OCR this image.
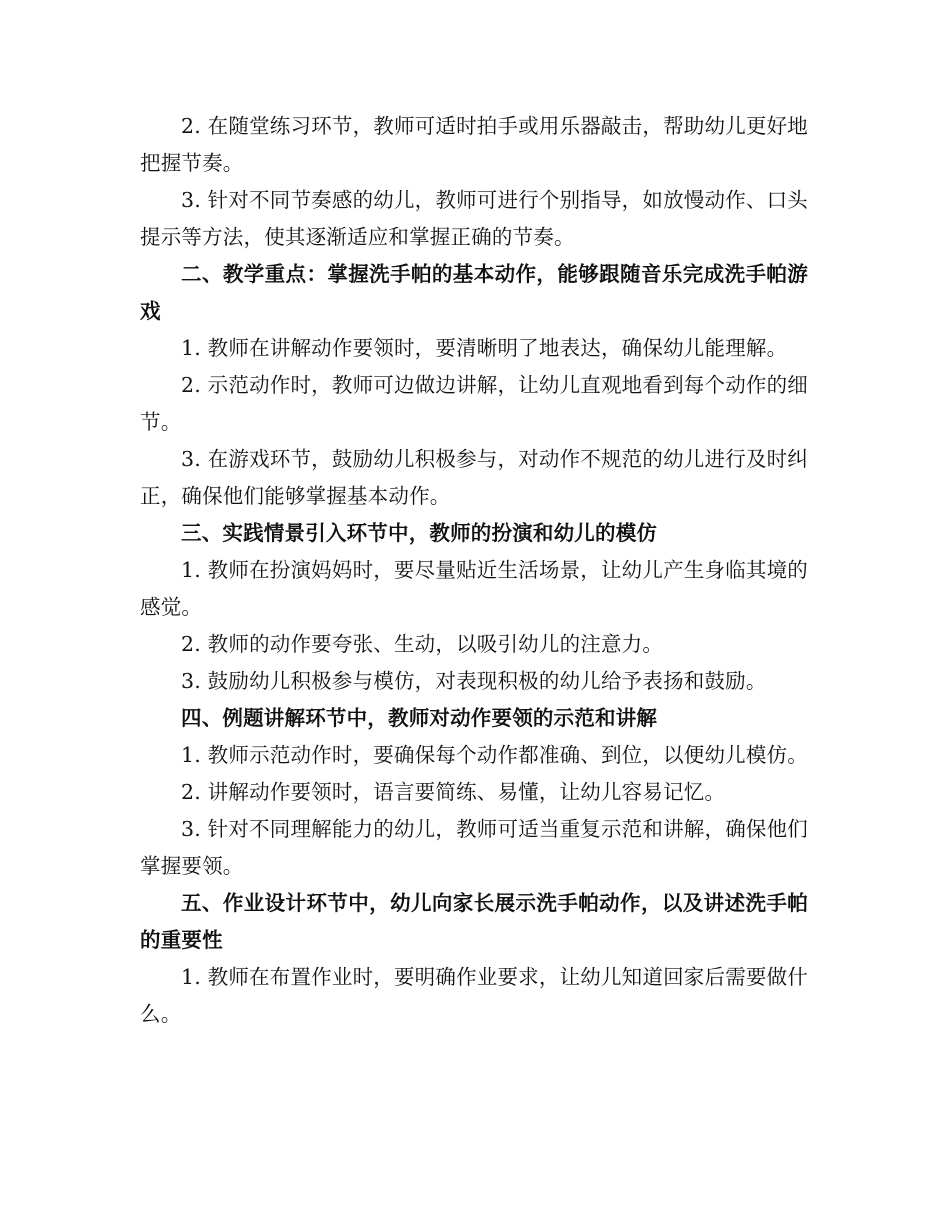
2. 在随堂练习环节，教师可适时拍手或用乐器敲击，帮助幼儿更好地把握节奏。

3. 针对不同节奏感的幼儿，教师可进行个别指导，如放慢动作、口头提示等方法，使其逐渐适应和掌握正确的节奏。

二、教学重点：掌握洗手帕的基本动作，能够跟随音乐完成洗手帕游戏

1. 教师在讲解动作要领时，要清晰明了地表达，确保幼儿能理解。

2. 示范动作时，教师可边做边讲解，让幼儿直观地看到每个动作的细节。

3. 在游戏环节，鼓励幼儿积极参与，对动作不规范的幼儿进行及时纠正，确保他们能够掌握基本动作。

三、实践情景引入环节中，教师的扮演和幼儿的模仿

1. 教师在扮演妈妈时，要尽量贴近生活场景，让幼儿产生身临其境的感觉。

2. 教师的动作要夸张、生动，以吸引幼儿的注意力。

3. 鼓励幼儿积极参与模仿，对表现积极的幼儿给予表扬和鼓励。

四、例题讲解环节中，教师对动作要领的示范和讲解

1. 教师示范动作时，要确保每个动作都准确、到位，以便幼儿模仿。

2. 讲解动作要领时，语言要简练、易懂，让幼儿容易记忆。

3. 针对不同理解能力的幼儿，教师可适当重复示范和讲解，确保他们掌握要领。

五、作业设计环节中，幼儿向家长展示洗手帕动作，以及讲述洗手帕的重要性

1. 教师在布置作业时，要明确作业要求，让幼儿知道回家后需要做什么。
